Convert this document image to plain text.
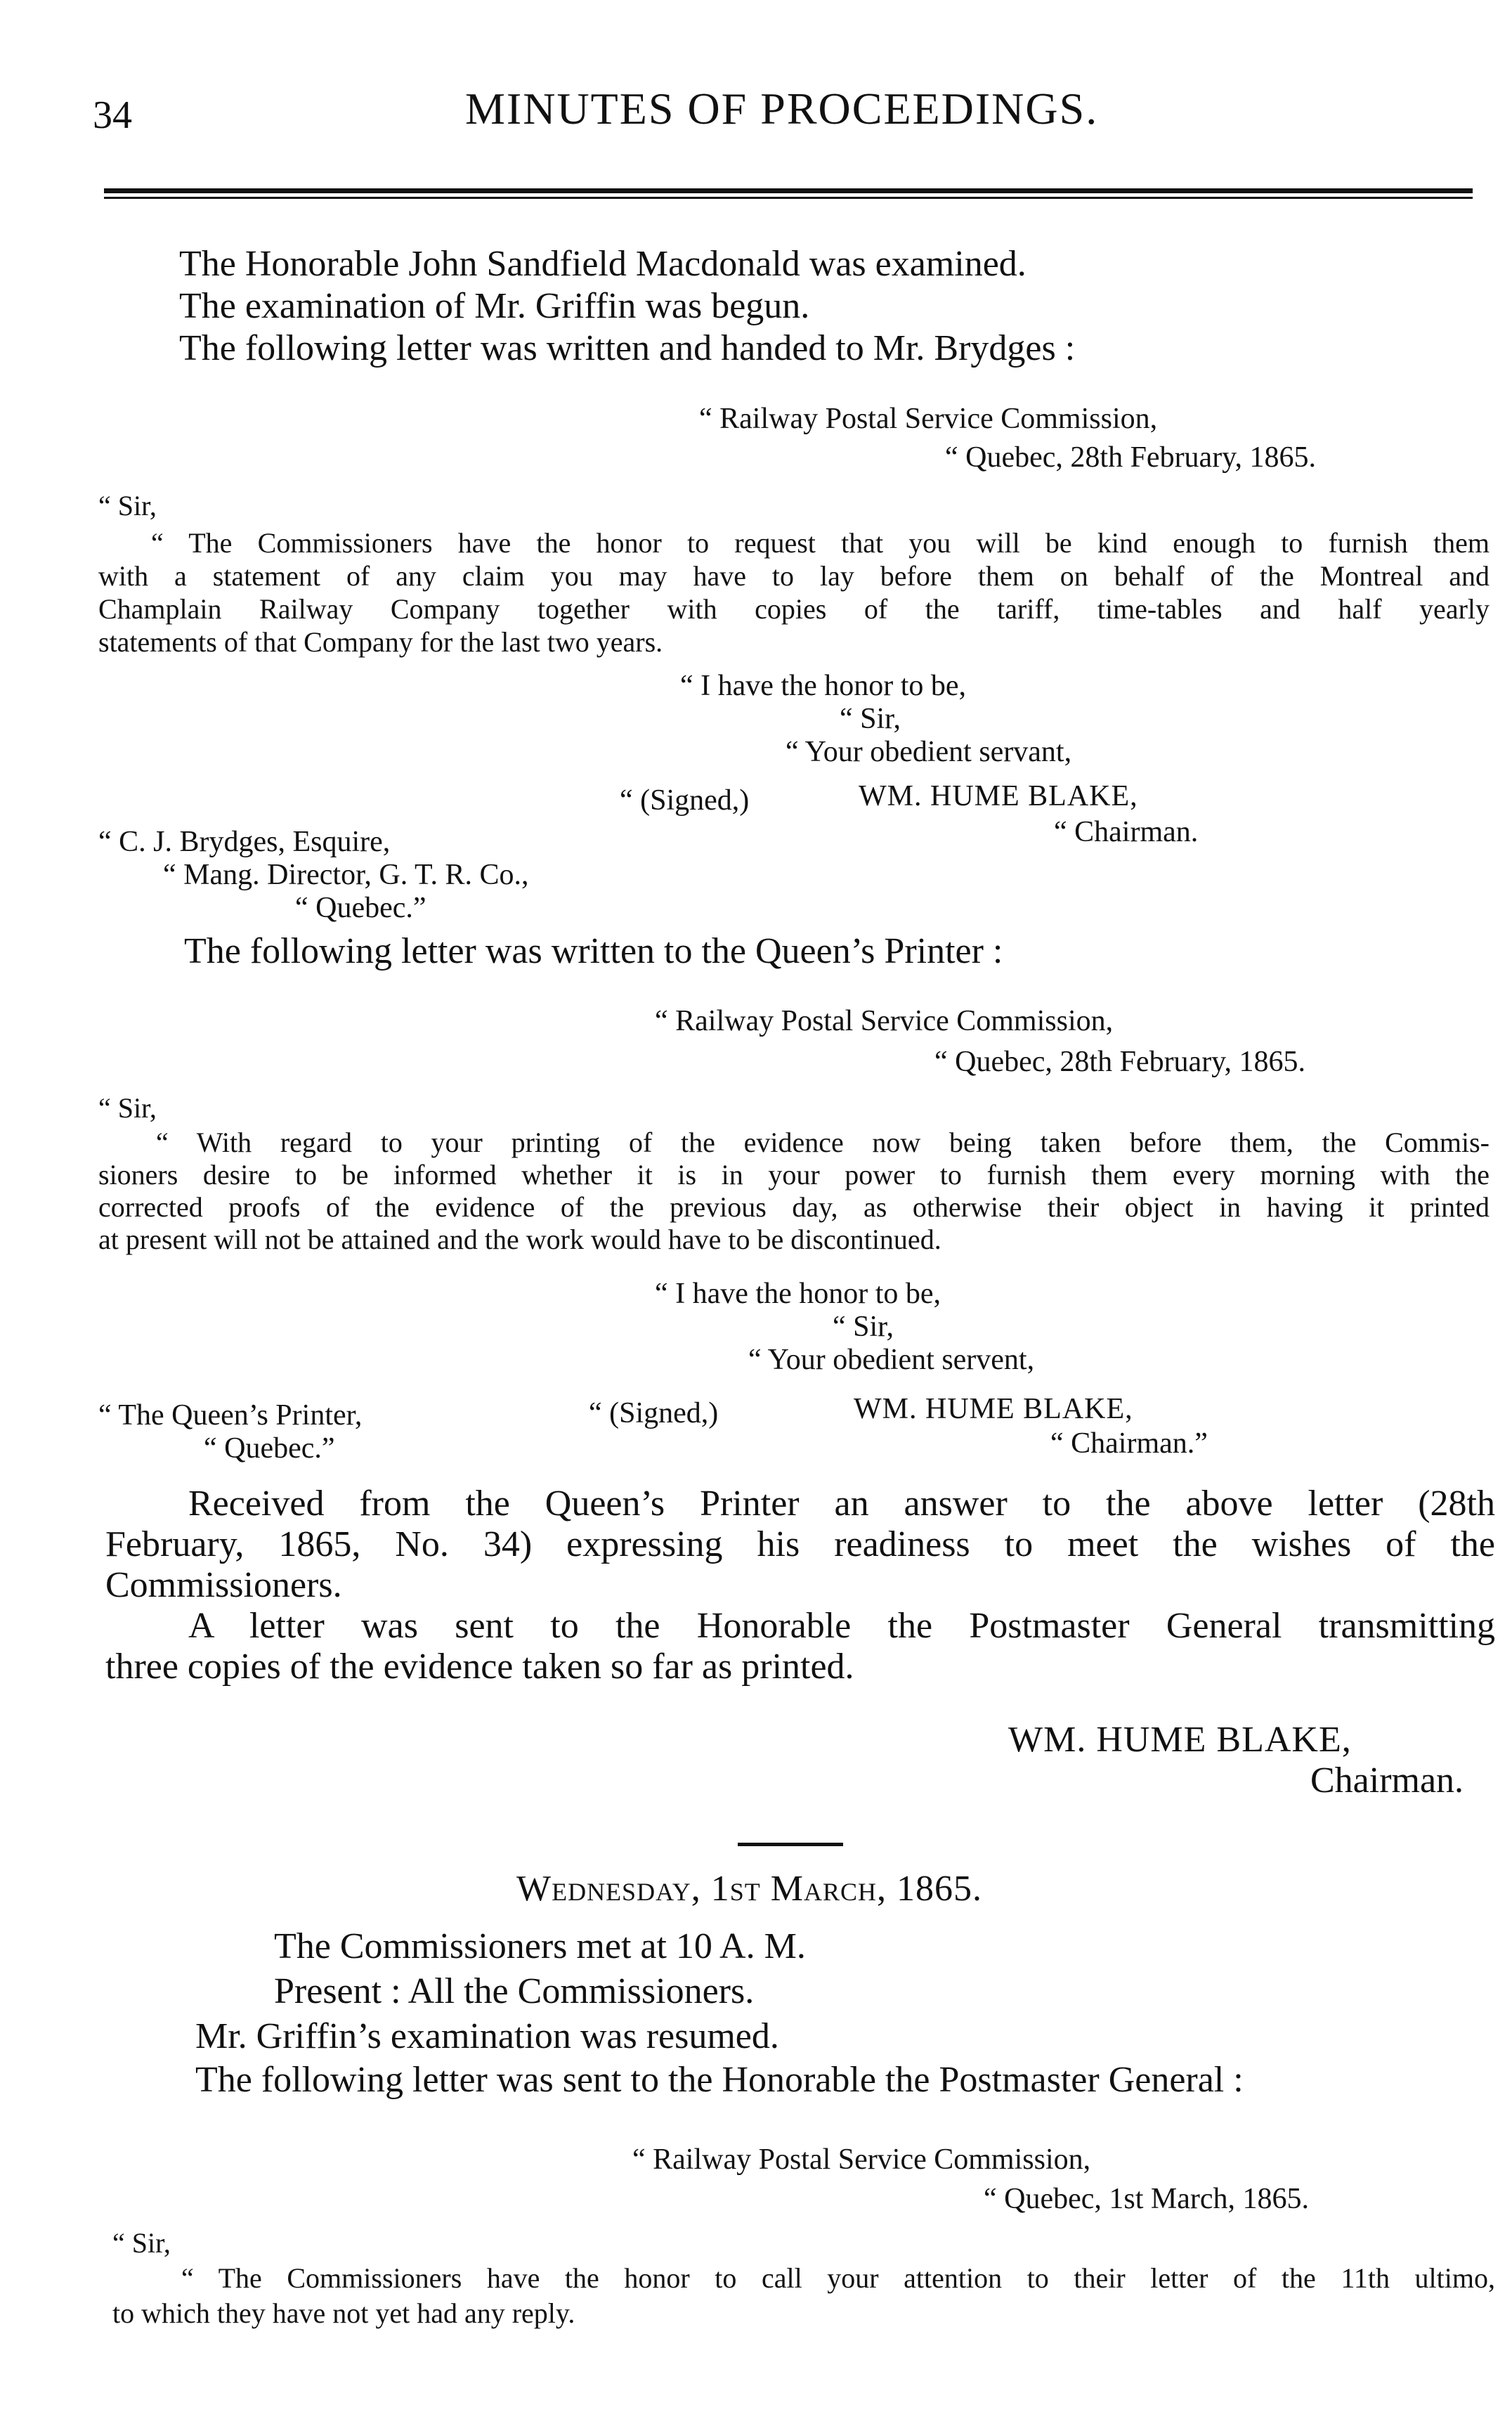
34	MINUTES OF PROCEEDINGS.
The Honorable John Sandfield Macdonald was examined.
The examination of Mr. Griffin was begun.
The following letter was written and handed to Mr. Brydges :
“ Railway Postal Service Commission,
“ Quebec, 28th February, 1865.
“ Sir,
“ The Commissioners have the honor to request that you will be kind enough to furnish them
with a statement of any claim you may have to lay before them on behalf of the Montreal and
Champlain Railway Company together with copies of the tariff, time-tables and half yearly
statements of that Company for the last two years.
“ I have the honor to be,
“ Sir,
“ Your obedient servant,
“ (Signed,)	WM. HUME BLAKE,
“ Chairman.
“ C. J. Brydges, Esquire,
“ Mang. Director, G. T. R. Co.,
“ Quebec.”
The following letter was written to the Queen’s Printer :
“ Railway Postal Service Commission,
“ Quebec, 28th February, 1865.
“ Sir,
“ With regard to your printing of the evidence now being taken before them, the Commis-
sioners desire to be informed whether it is in your power to furnish them every morning with the
corrected proofs of the evidence of the previous day, as otherwise their object in having it printed
at present will not be attained and the work would have to be discontinued.
“ I have the honor to be,
“ Sir,
“ Your obedient servent,
“ The Queen’s Printer,
“ Quebec.”
“ (Signed,)	WM. HUME BLAKE,
“ Chairman.”
Received from the Queen’s Printer an answer to the above letter (28th
February, 1865, No. 34) expressing his readiness to meet the wishes of the
Commissioners.
A letter was sent to the Honorable the Postmaster General transmitting
three copies of the evidence taken so far as printed.
WM. HUME BLAKE,
Chairman.
Wednesday, 1st March, 1865.
The Commissioners met at 10 A. M.
Present : All the Commissioners.
Mr. Griffin’s examination was resumed.
The following letter was sent to the Honorable the Postmaster General :
“ Railway Postal Service Commission,
“ Quebec, 1st March, 1865.
“ Sir,
“ The Commissioners have the honor to call your attention to their letter of the 11th ultimo,
to which they have not yet had any reply.
